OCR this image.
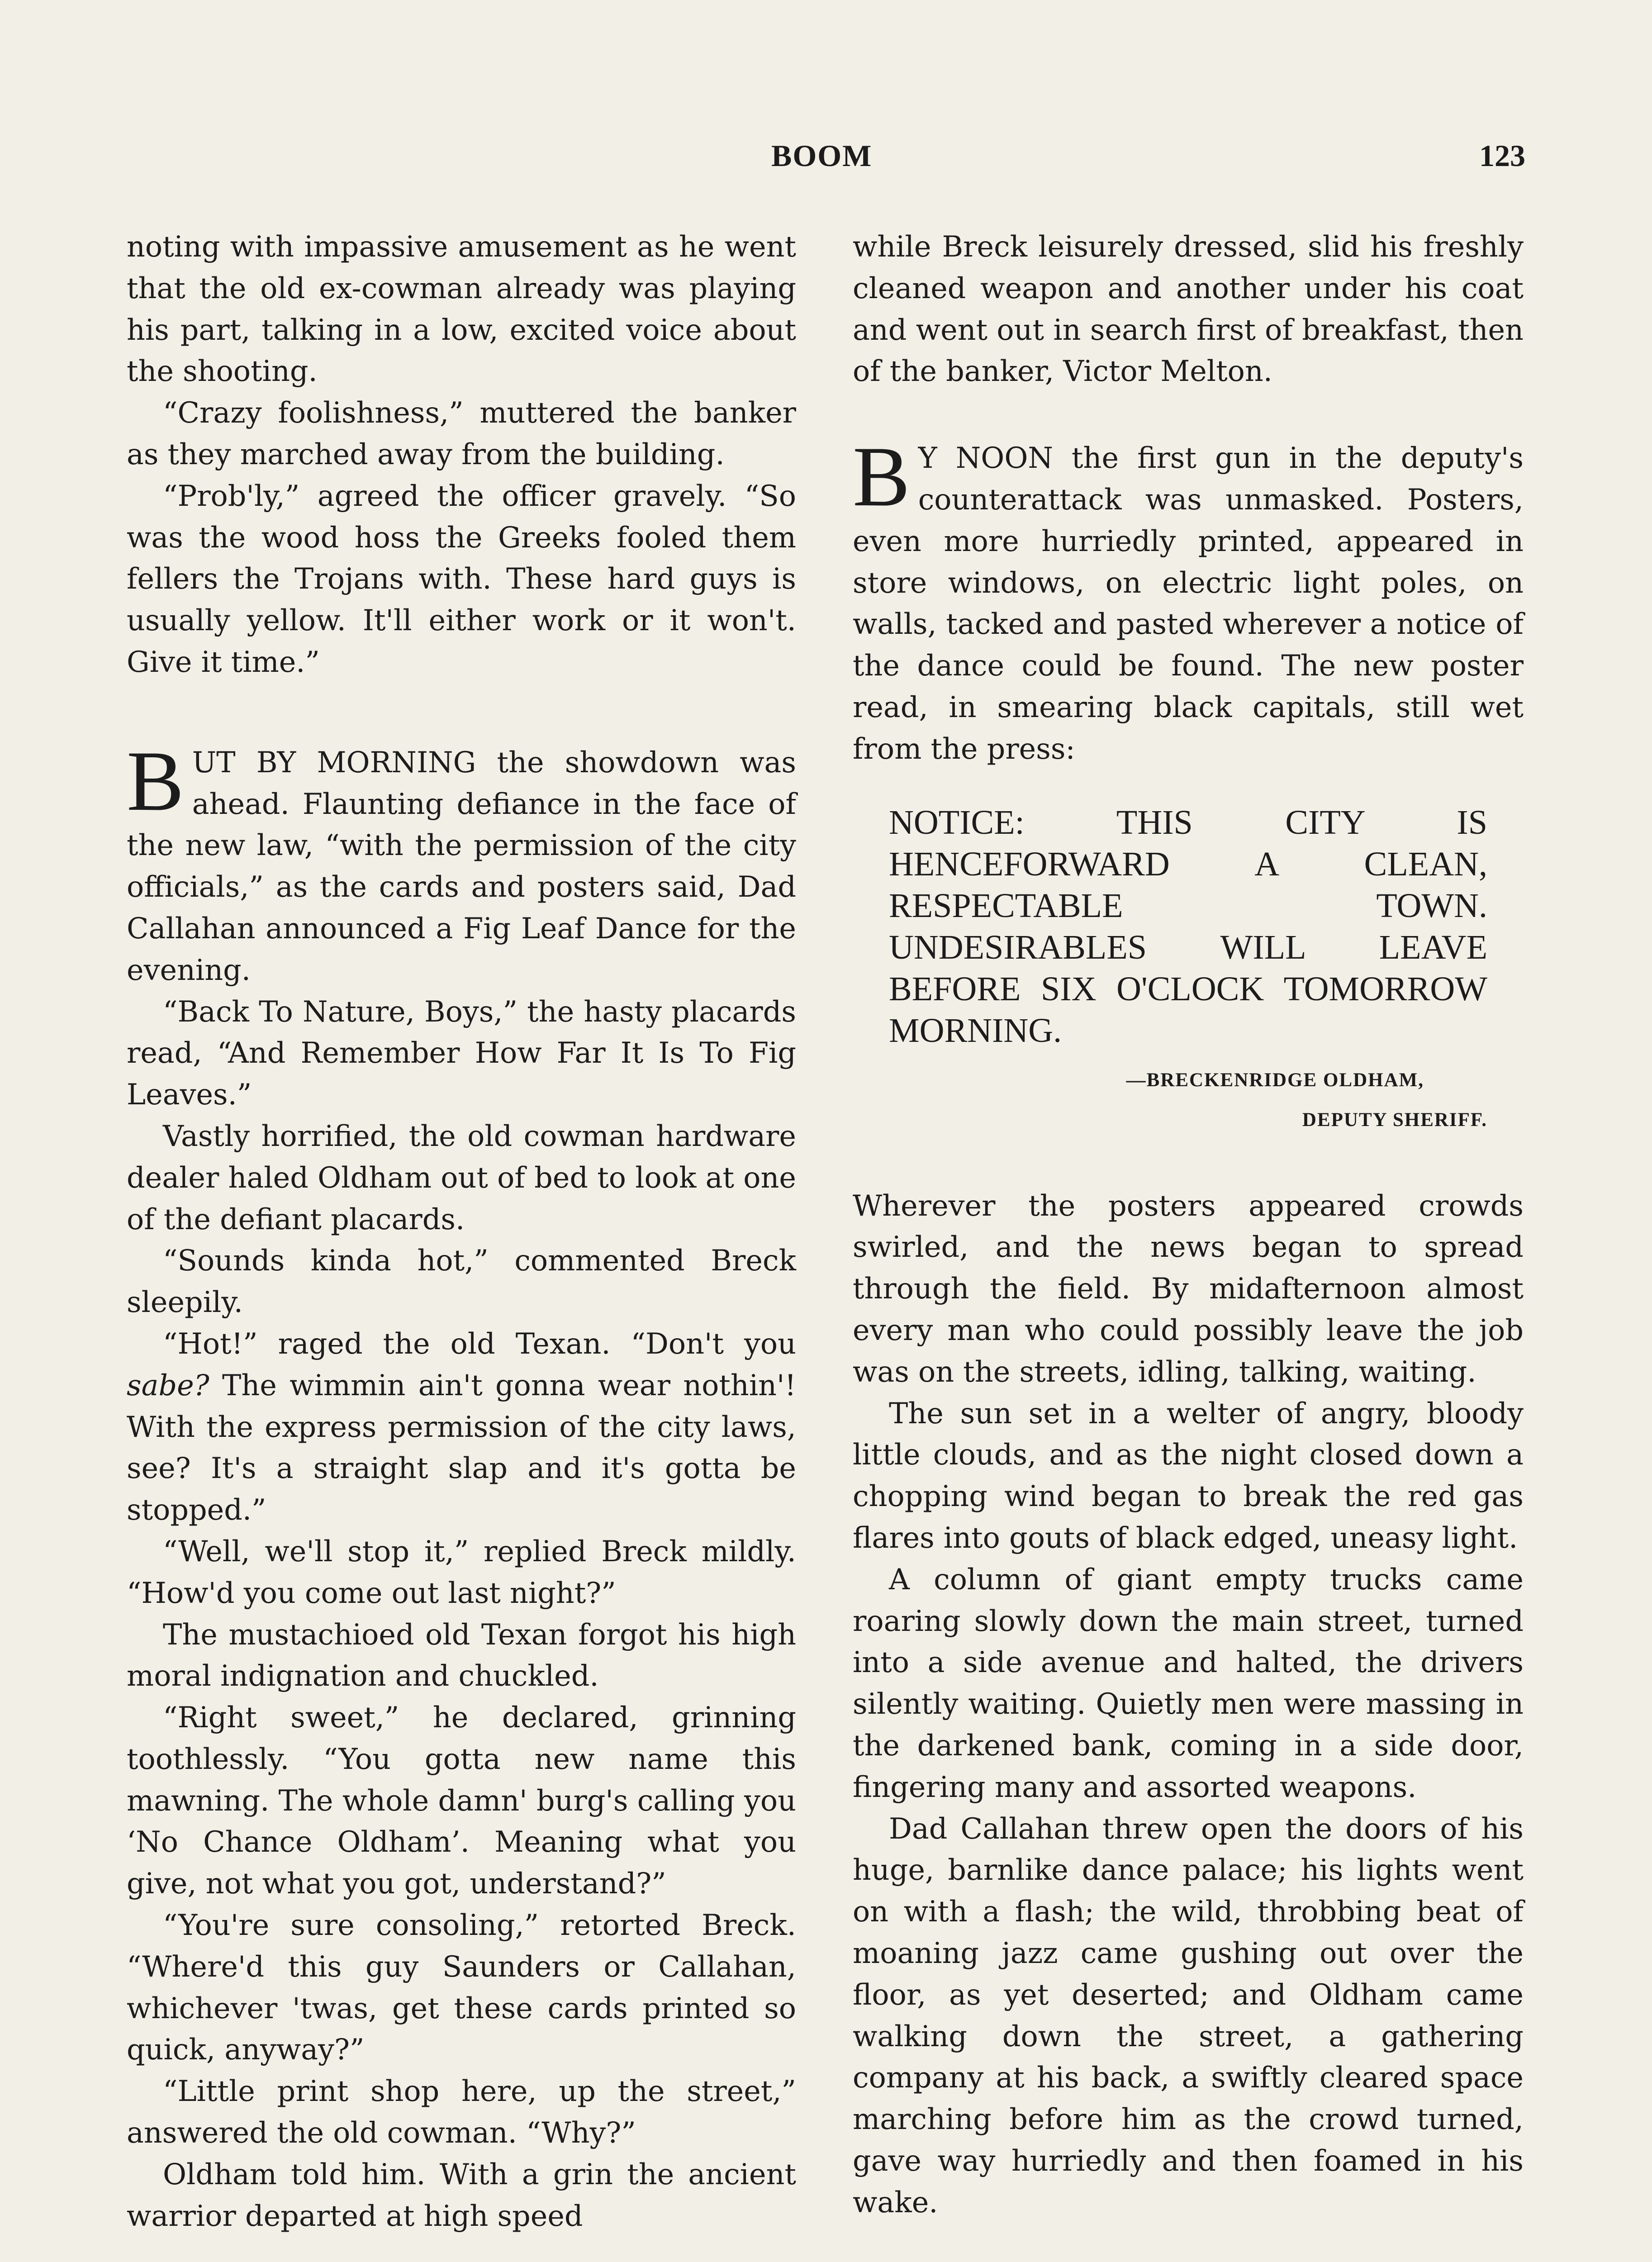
BOOM	123

noting with impassive amusement as he went that the old ex-cowman already was playing his part, talking in a low, excited voice about the shooting.

“Crazy foolishness,” muttered the banker as they marched away from the building.

“Prob'ly,” agreed the officer gravely. “So was the wood hoss the Greeks fooled them fellers the Trojans with. These hard guys is usually yellow. It'll either work or it won't. Give it time.”

BUT BY MORNING the showdown was ahead. Flaunting defiance in the face of the new law, “with the permission of the city officials,” as the cards and posters said, Dad Callahan announced a Fig Leaf Dance for the evening.

“Back To Nature, Boys,” the hasty placards read, “And Remember How Far It Is To Fig Leaves.”

Vastly horrified, the old cowman hardware dealer haled Oldham out of bed to look at one of the defiant placards.

“Sounds kinda hot,” commented Breck sleepily.

“Hot!” raged the old Texan. “Don't you sabe? The wimmin ain't gonna wear nothin'! With the express permission of the city laws, see? It's a straight slap and it's gotta be stopped.”

“Well, we'll stop it,” replied Breck mildly. “How'd you come out last night?”

The mustachioed old Texan forgot his high moral indignation and chuckled.

“Right sweet,” he declared, grinning toothlessly. “You gotta new name this mawning. The whole damn' burg's calling you ‘No Chance Oldham’. Meaning what you give, not what you got, understand?”

“You're sure consoling,” retorted Breck. “Where'd this guy Saunders or Callahan, whichever 'twas, get these cards printed so quick, anyway?”

“Little print shop here, up the street,” answered the old cowman. “Why?”

Oldham told him. With a grin the ancient warrior departed at high speed

while Breck leisurely dressed, slid his freshly cleaned weapon and another under his coat and went out in search first of breakfast, then of the banker, Victor Melton.

B Y NOON the first gun in the deputy's counterattack was unmasked. Posters, even more hurriedly printed, appeared in store windows, on electric light poles, on walls, tacked and pasted wherever a notice of the dance could be found. The new poster read, in smearing black capitals, still wet from the press:

NOTICE: THIS CITY IS HENCEFORWARD A CLEAN, RESPECTABLE TOWN. UNDESIRABLES WILL LEAVE BEFORE SIX O'CLOCK TOMORROW MORNING.
—BRECKENRIDGE OLDHAM,
DEPUTY SHERIFF.

Wherever the posters appeared crowds swirled, and the news began to spread through the field. By midafternoon almost every man who could possibly leave the job was on the streets, idling, talking, waiting.

The sun set in a welter of angry, bloody little clouds, and as the night closed down a chopping wind began to break the red gas flares into gouts of black edged, uneasy light.

A column of giant empty trucks came roaring slowly down the main street, turned into a side avenue and halted, the drivers silently waiting. Quietly men were massing in the darkened bank, coming in a side door, fingering many and assorted weapons.

Dad Callahan threw open the doors of his huge, barnlike dance palace; his lights went on with a flash; the wild, throbbing beat of moaning jazz came gushing out over the floor, as yet deserted; and Oldham came walking down the street, a gathering company at his back, a swiftly cleared space marching before him as the crowd turned, gave way hurriedly and then foamed in his wake.
